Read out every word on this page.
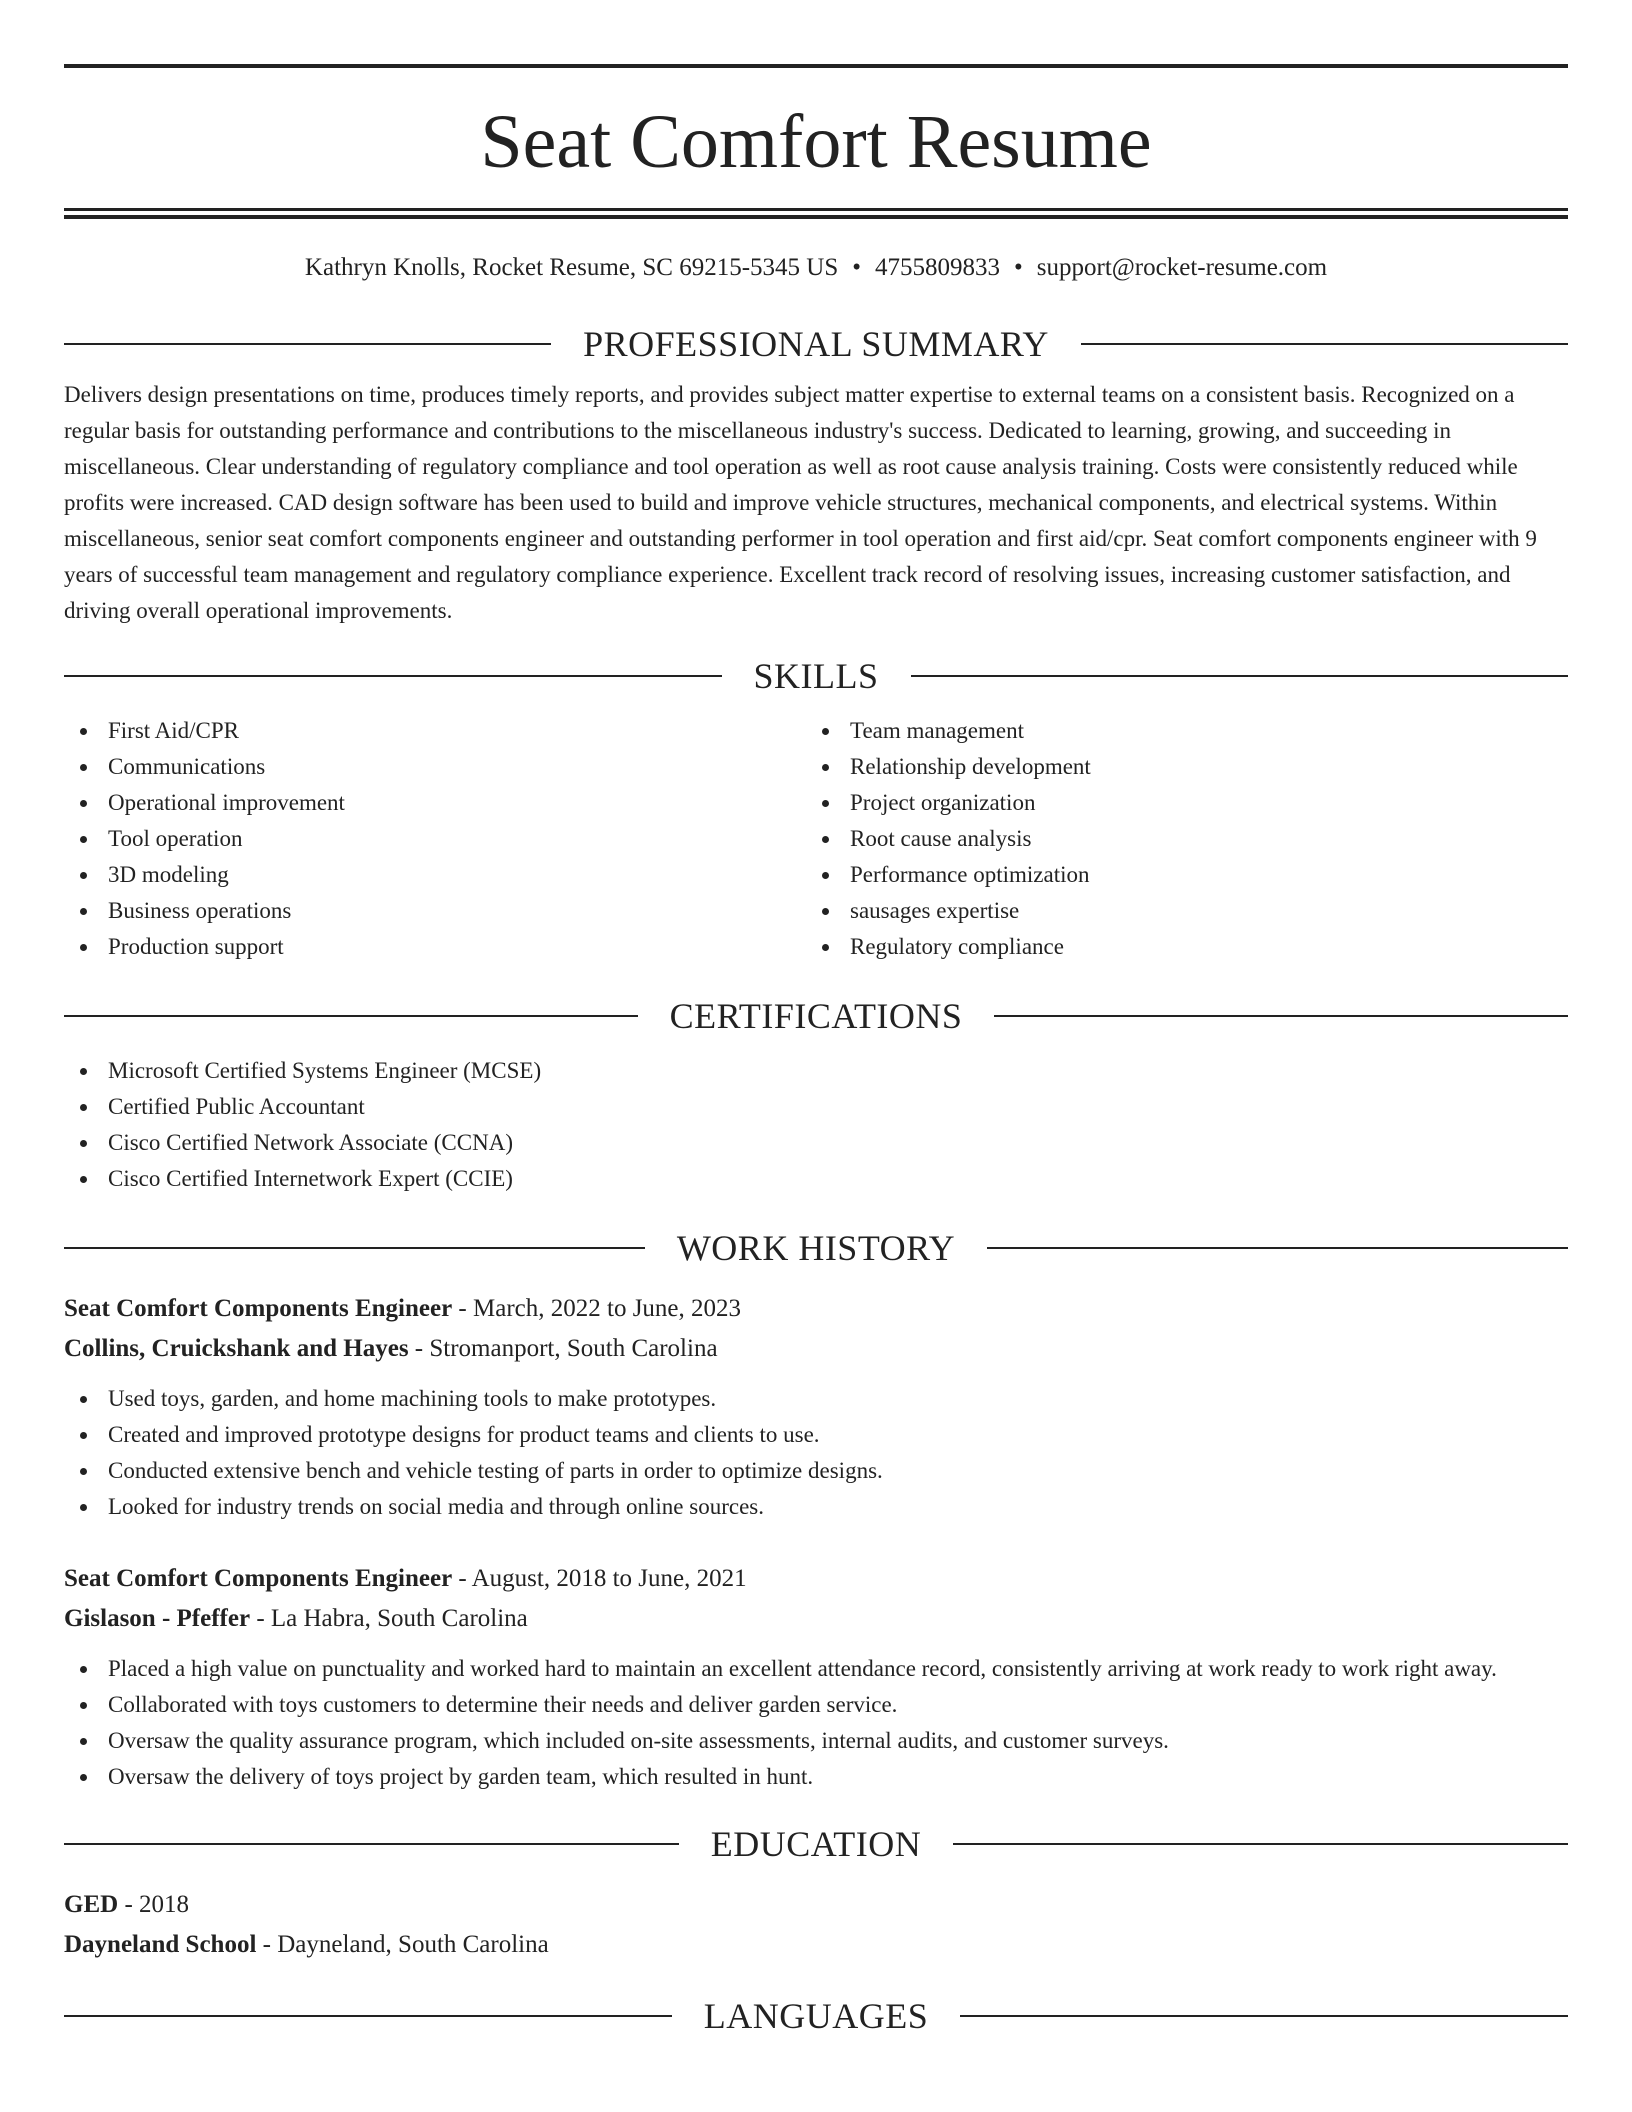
Seat Comfort Resume
Kathryn Knolls, Rocket Resume, SC 69215-5345 US • 4755809833 • support@rocket-resume.com
PROFESSIONAL SUMMARY

Delivers design presentations on time, produces timely reports, and provides subject matter expertise to external teams on a consistent basis. Recognized on a regular basis for outstanding performance and contributions to the miscellaneous industry's success. Dedicated to learning, growing, and succeeding in miscellaneous. Clear understanding of regulatory compliance and tool operation as well as root cause analysis training. Costs were consistently reduced while profits were increased. CAD design software has been used to build and improve vehicle structures, mechanical components, and electrical systems. Within miscellaneous, senior seat comfort components engineer and outstanding performer in tool operation and first aid/cpr. Seat comfort components engineer with 9 years of successful team management and regulatory compliance experience. Excellent track record of resolving issues, increasing customer satisfaction, and driving overall operational improvements.

SKILLS
First Aid/CPR
Communications
Operational improvement
Tool operation
3D modeling
Business operations
Production support
Team management
Relationship development
Project organization
Root cause analysis
Performance optimization
sausages expertise
Regulatory compliance
CERTIFICATIONS
Microsoft Certified Systems Engineer (MCSE)
Certified Public Accountant
Cisco Certified Network Associate (CCNA)
Cisco Certified Internetwork Expert (CCIE)
WORK HISTORY
Seat Comfort Components Engineer - March, 2022 to June, 2023
Collins, Cruickshank and Hayes - Stromanport, South Carolina
Used toys, garden, and home machining tools to make prototypes.
Created and improved prototype designs for product teams and clients to use.
Conducted extensive bench and vehicle testing of parts in order to optimize designs.
Looked for industry trends on social media and through online sources.
Seat Comfort Components Engineer - August, 2018 to June, 2021
Gislason - Pfeffer - La Habra, South Carolina
Placed a high value on punctuality and worked hard to maintain an excellent attendance record, consistently arriving at work ready to work right away.
Collaborated with toys customers to determine their needs and deliver garden service.
Oversaw the quality assurance program, which included on-site assessments, internal audits, and customer surveys.
Oversaw the delivery of toys project by garden team, which resulted in hunt.
EDUCATION
GED - 2018
Dayneland School - Dayneland, South Carolina
LANGUAGES
